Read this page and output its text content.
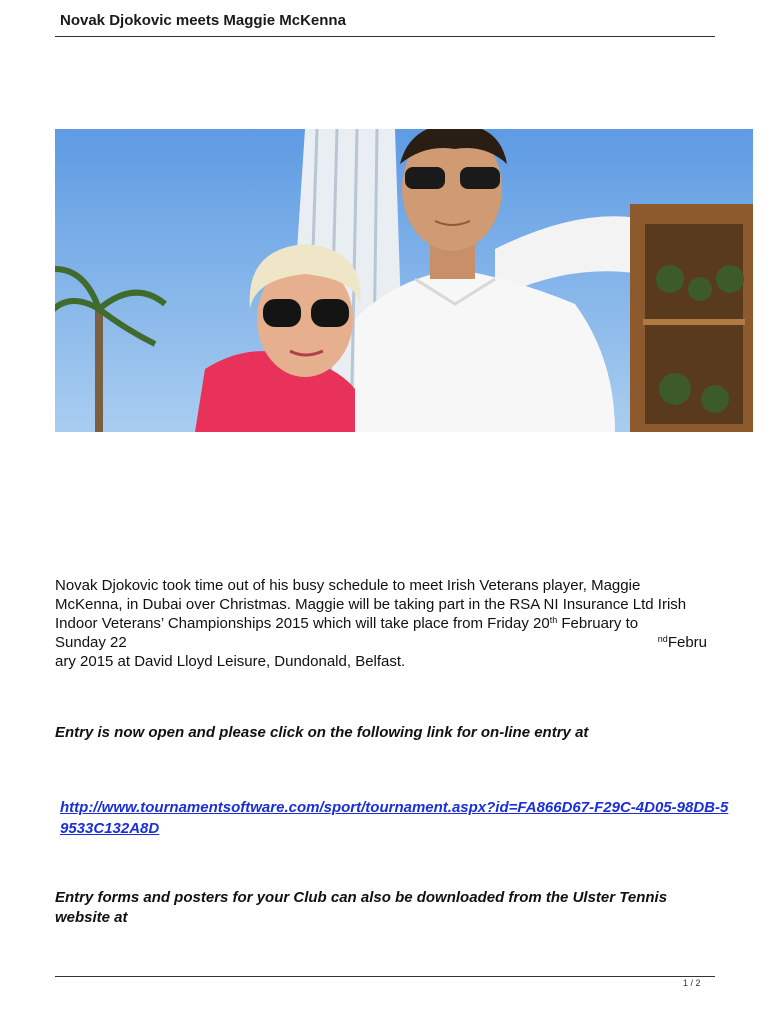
Novak Djokovic meets Maggie McKenna

Novak Djokovic took time out of his busy schedule to meet Irish Veterans player, Maggie

McKenna, in Dubai over Christmas. Maggie will be taking part in the RSA NI Insurance Ltd Irish

Indoor Veterans’ Championships 2015 which will take place from Friday 20th February to

Sunday 22	$^{nd}$Febru

ary 2015 at David Lloyd Leisure, Dundonald, Belfast.

Entry is now open and please click on the following link for on-line entry at
http://www.tournamentsoftware.com/sport/tournament.aspx?id=FA866D67-F29C-4D05-98DB-59533C132A8D
Entry forms and posters for your Club can also be downloaded from the Ulster Tennis website at
1 / 2
